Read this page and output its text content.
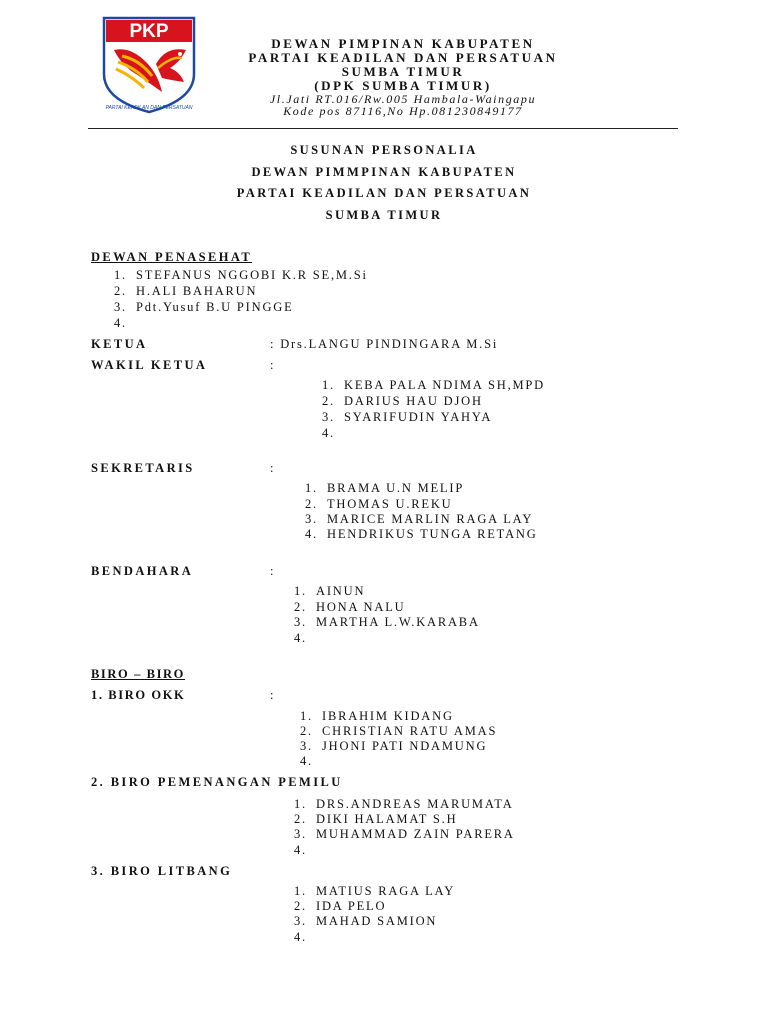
PKP
PARTAI KEADILAN DAN PERSATUAN
DEWAN PIMPINAN KABUPATEN
PARTAI KEADILAN DAN PERSATUAN
SUMBA TIMUR
(DPK SUMBA TIMUR)
Jl.Jati RT.016/Rw.005 Hambala-Waingapu
Kode pos 87116,No Hp.081230849177
SUSUNAN PERSONALIA
DEWAN PIMMPINAN KABUPATEN
PARTAI KEADILAN DAN PERSATUAN
SUMBA TIMUR
DEWAN PENASEHAT
1. STEFANUS NGGOBI K.R SE,M.Si
2. H.ALI BAHARUN
3. Pdt.Yusuf B.U PINGGE
4.
KETUA	: Drs.LANGU PINDINGARA M.Si
WAKIL KETUA	:
1. KEBA PALA NDIMA SH,MPD
2. DARIUS HAU DJOH
3. SYARIFUDIN YAHYA
4.
SEKRETARIS	:
1. BRAMA U.N MELIP
2. THOMAS U.REKU
3. MARICE MARLIN RAGA LAY
4. HENDRIKUS TUNGA RETANG
BENDAHARA	:
1. AINUN
2. HONA NALU
3. MARTHA L.W.KARABA
4.
BIRO – BIRO
1. BIRO OKK	:
1. IBRAHIM KIDANG
2. CHRISTIAN RATU AMAS
3. JHONI PATI NDAMUNG
4.
2. BIRO PEMENANGAN PEMILU
1. DRS.ANDREAS MARUMATA
2. DIKI HALAMAT S.H
3. MUHAMMAD ZAIN PARERA
4.
3. BIRO LITBANG
1. MATIUS RAGA LAY
2. IDA PELO
3. MAHAD SAMION
4.
